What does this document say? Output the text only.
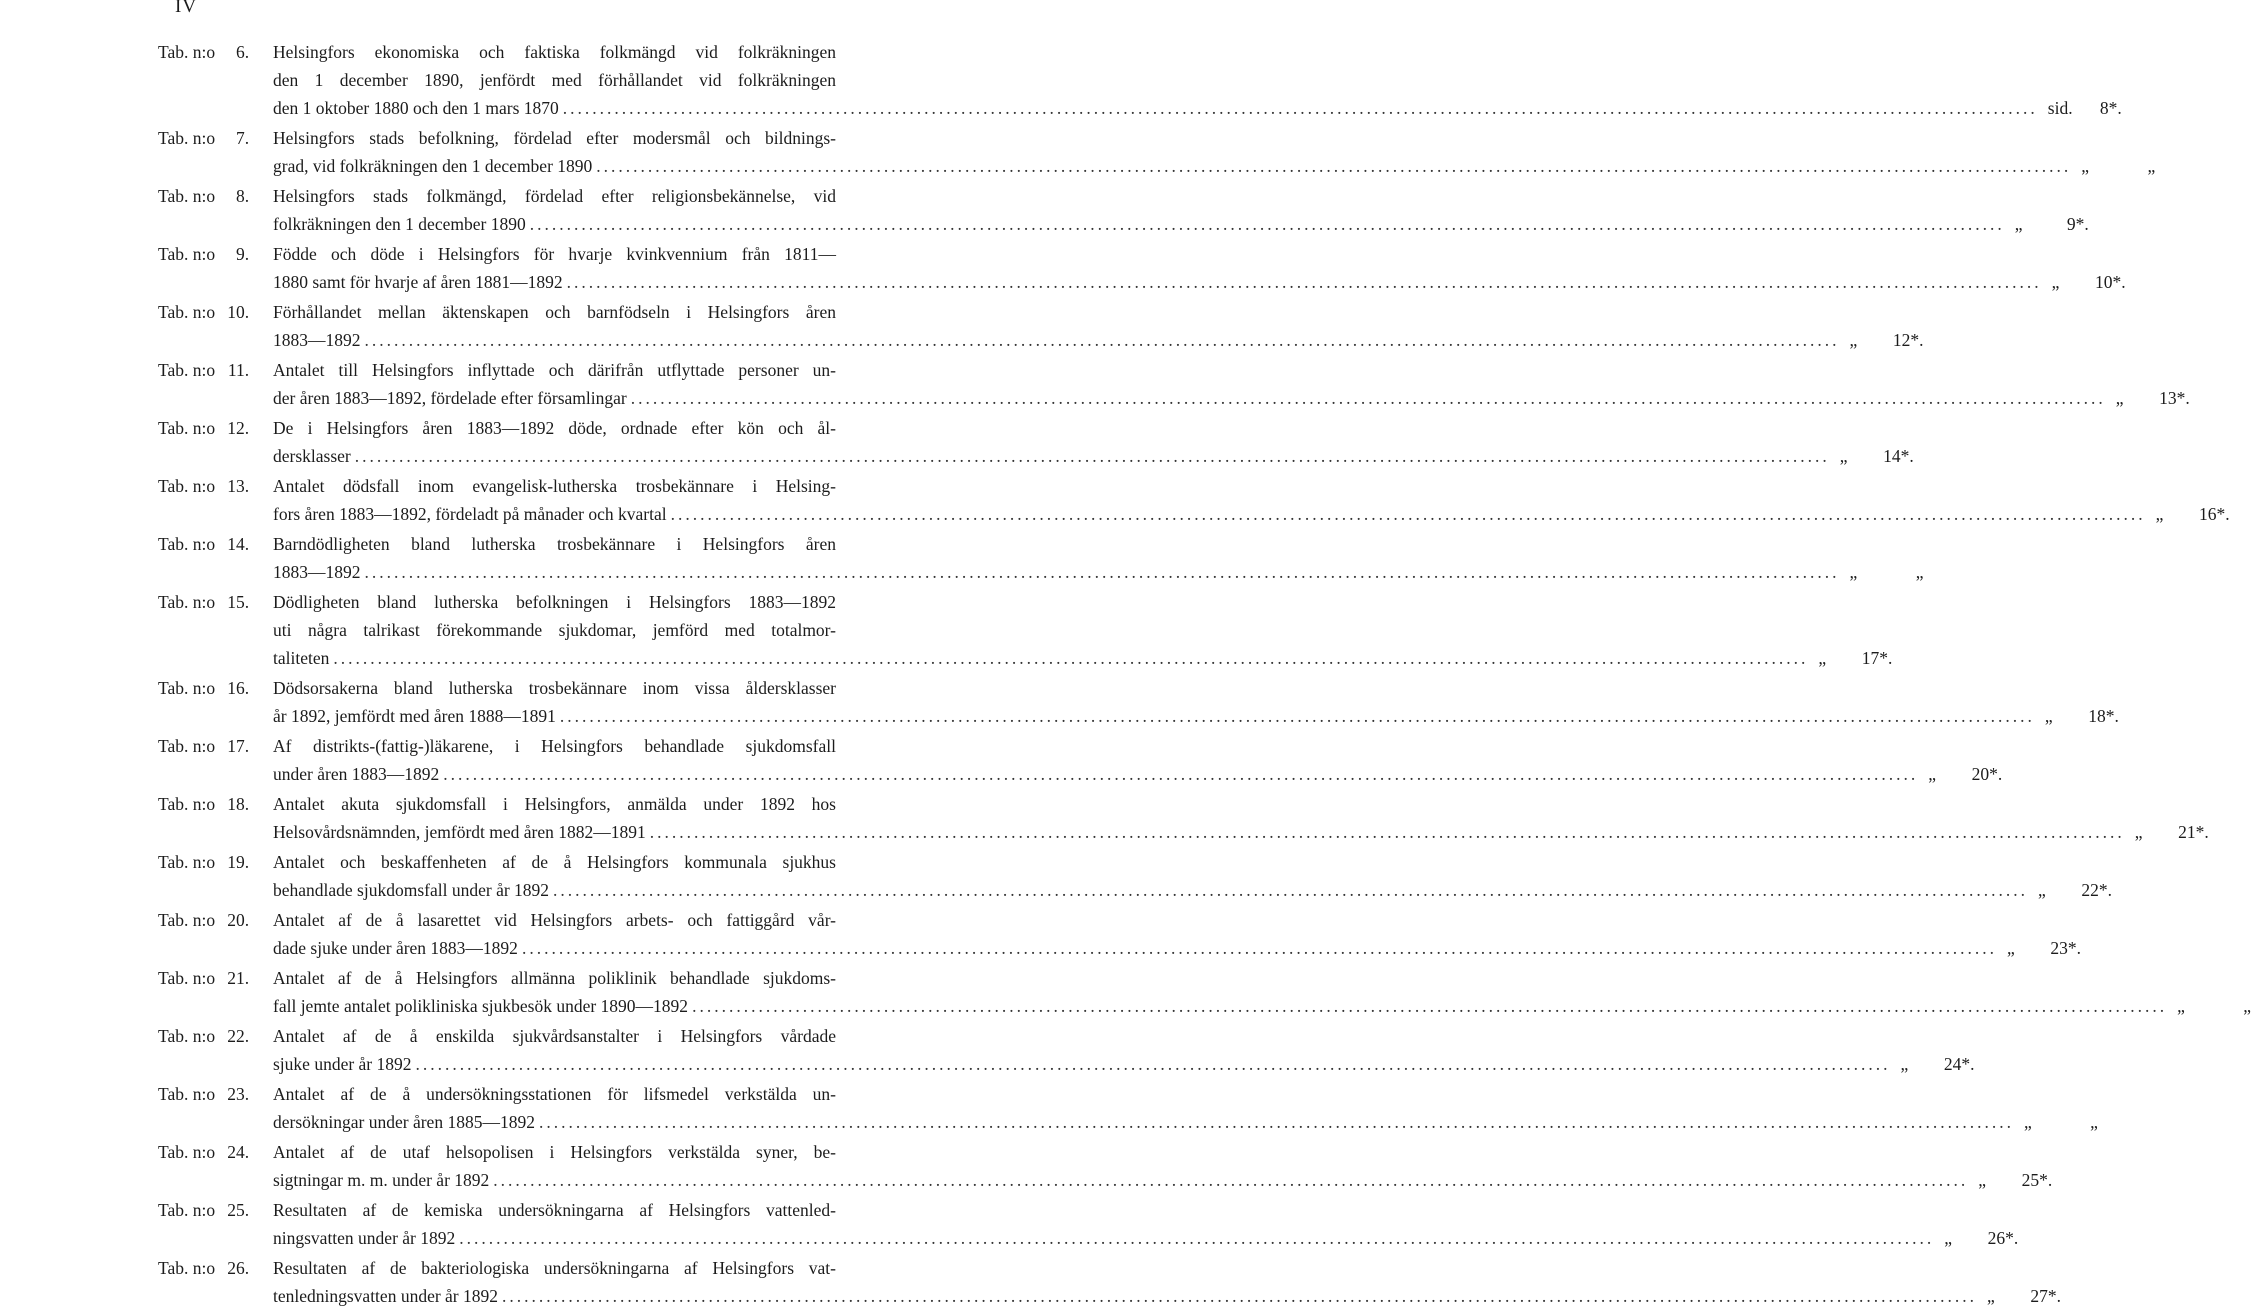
IV
Tab. n:o 6. Helsingfors ekonomiska och faktiska folkmängd vid folkräkningen
den 1 december 1890, jenfördt med förhållandet vid folkräkningen
den 1 oktober 1880 och den 1 mars 1870 ........................................................................................................................................................................................................ sid. 8*.
Tab. n:o 7. Helsingfors stads befolkning, fördelad efter modersmål och bildnings-
grad, vid folkräkningen den 1 december 1890 ........................................................................................................................................................................................................ „	„
Tab. n:o 8. Helsingfors stads folkmängd, fördelad efter religionsbekännelse, vid
folkräkningen den 1 december 1890 ........................................................................................................................................................................................................ „	9*.
Tab. n:o 9. Födde och döde i Helsingfors för hvarje kvinkvennium från 1811—
1880 samt för hvarje af åren 1881—1892 ........................................................................................................................................................................................................ „ 10*.
Tab. n:o 10. Förhållandet mellan äktenskapen och barnfödseln i Helsingfors åren
1883—1892 ........................................................................................................................................................................................................ „ 12*.
Tab. n:o 11. Antalet till Helsingfors inflyttade och därifrån utflyttade personer un-
der åren 1883—1892, fördelade efter församlingar ........................................................................................................................................................................................................ „ 13*.
Tab. n:o 12. De i Helsingfors åren 1883—1892 döde, ordnade efter kön och ål-
dersklasser ........................................................................................................................................................................................................ „ 14*.
Tab. n:o 13. Antalet dödsfall inom evangelisk-lutherska trosbekännare i Helsing-
fors åren 1883—1892, fördeladt på månader och kvartal ........................................................................................................................................................................................................ „ 16*.
Tab. n:o 14. Barndödligheten bland lutherska trosbekännare i Helsingfors åren
1883—1892 ........................................................................................................................................................................................................ „	„
Tab. n:o 15. Dödligheten bland lutherska befolkningen i Helsingfors 1883—1892
uti några talrikast förekommande sjukdomar, jemförd med totalmor-
taliteten ........................................................................................................................................................................................................ „ 17*.
Tab. n:o 16. Dödsorsakerna bland lutherska trosbekännare inom vissa åldersklasser
år 1892, jemfördt med åren 1888—1891 ........................................................................................................................................................................................................ „ 18*.
Tab. n:o 17. Af distrikts-(fattig-)läkarene, i Helsingfors behandlade sjukdomsfall
under åren 1883—1892 ........................................................................................................................................................................................................ „ 20*.
Tab. n:o 18. Antalet akuta sjukdomsfall i Helsingfors, anmälda under 1892 hos
Helsovårdsnämnden, jemfördt med åren 1882—1891 ........................................................................................................................................................................................................ „ 21*.
Tab. n:o 19. Antalet och beskaffenheten af de å Helsingfors kommunala sjukhus
behandlade sjukdomsfall under år 1892 ........................................................................................................................................................................................................ „ 22*.
Tab. n:o 20. Antalet af de å lasarettet vid Helsingfors arbets- och fattiggård vår-
dade sjuke under åren 1883—1892 ........................................................................................................................................................................................................ „ 23*.
Tab. n:o 21. Antalet af de å Helsingfors allmänna poliklinik behandlade sjukdoms-
fall jemte antalet polikliniska sjukbesök under 1890—1892 ........................................................................................................................................................................................................ „	„
Tab. n:o 22. Antalet af de å enskilda sjukvårdsanstalter i Helsingfors vårdade
sjuke under år 1892 ........................................................................................................................................................................................................ „ 24*.
Tab. n:o 23. Antalet af de å undersökningsstationen för lifsmedel verkstälda un-
dersökningar under åren 1885—1892 ........................................................................................................................................................................................................ „	„
Tab. n:o 24. Antalet af de utaf helsopolisen i Helsingfors verkstälda syner, be-
sigtningar m. m. under år 1892 ........................................................................................................................................................................................................ „ 25*.
Tab. n:o 25. Resultaten af de kemiska undersökningarna af Helsingfors vattenled-
ningsvatten under år 1892 ........................................................................................................................................................................................................ „ 26*.
Tab. n:o 26. Resultaten af de bakteriologiska undersökningarna af Helsingfors vat-
tenledningsvatten under år 1892 ........................................................................................................................................................................................................ „ 27*.
